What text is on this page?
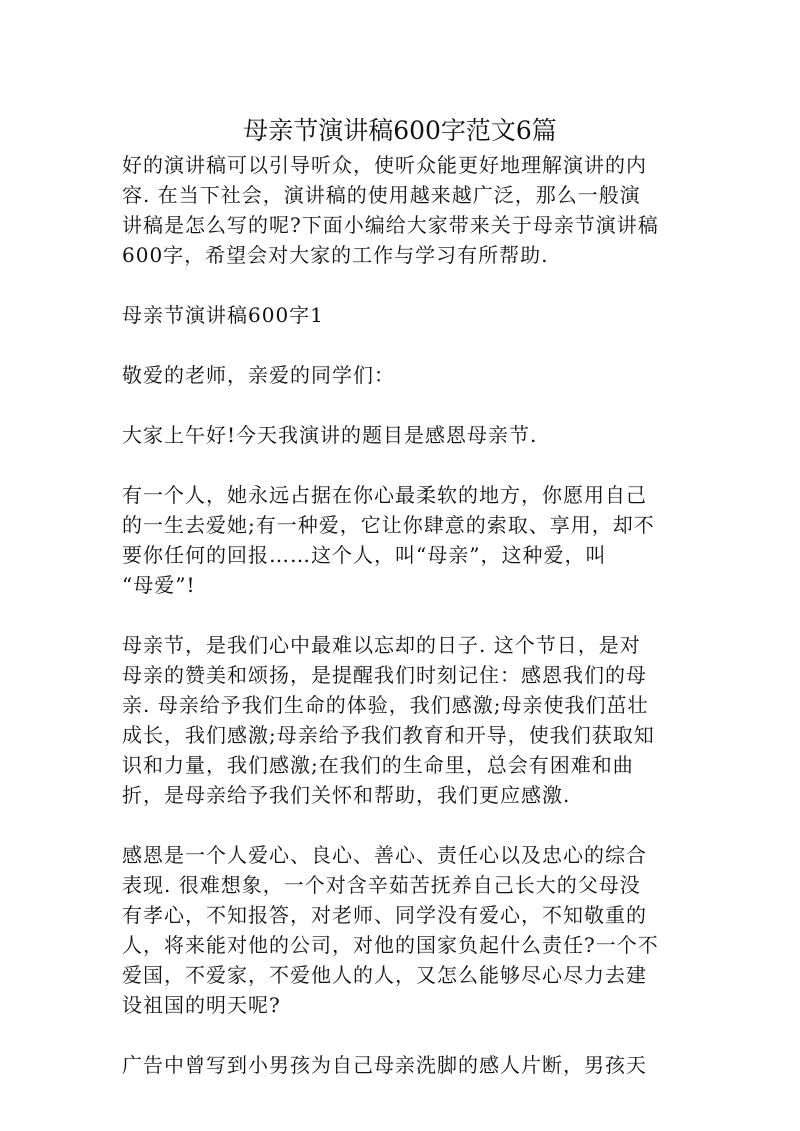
母亲节演讲稿600字范文6篇

好的演讲稿可以引导听众，使听众能更好地理解演讲的内
容. 在当下社会，演讲稿的使用越来越广泛，那么一般演
讲稿是怎么写的呢?下面小编给大家带来关于母亲节演讲稿
600字，希望会对大家的工作与学习有所帮助.

母亲节演讲稿600字1

敬爱的老师，亲爱的同学们：

大家上午好!今天我演讲的题目是感恩母亲节.

有一个人，她永远占据在你心最柔软的地方，你愿用自己
的一生去爱她;有一种爱，它让你肆意的索取、享用，却不
要你任何的回报……这个人，叫“母亲”，这种爱，叫
“母爱”!

母亲节，是我们心中最难以忘却的日子. 这个节日，是对
母亲的赞美和颂扬，是提醒我们时刻记住：感恩我们的母
亲. 母亲给予我们生命的体验，我们感激;母亲使我们茁壮
成长，我们感激;母亲给予我们教育和开导，使我们获取知
识和力量，我们感激;在我们的生命里，总会有困难和曲
折，是母亲给予我们关怀和帮助，我们更应感激.

感恩是一个人爱心、良心、善心、责任心以及忠心的综合
表现. 很难想象，一个对含辛茹苦抚养自己长大的父母没
有孝心，不知报答，对老师、同学没有爱心，不知敬重的
人，将来能对他的公司，对他的国家负起什么责任?一个不
爱国，不爱家，不爱他人的人，又怎么能够尽心尽力去建
设祖国的明天呢?

广告中曾写到小男孩为自己母亲洗脚的感人片断，男孩天
